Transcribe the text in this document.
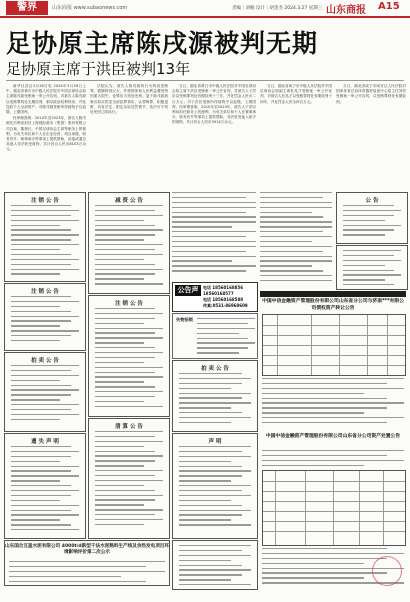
警界	山东商报 www.subaonews.com	责编｜刘楠 设计｜胡金杰 2024.3.27 星期三 山东商报 A15
足协原主席陈戌源被判无期
足协原主席于洪臣被判13年

新华社武汉3月26日电 2024年3月26日上午，湖北省黄石市中级人民法院对中国足球协会原主席陈戌源受贿案一审公开宣判，对被告人陈戌源以受贿罪判处无期徒刑，剥夺政治权利终身，并处没收个人全部财产；对陈戌源受贿所得财物予以追缴，上缴国库。

经审理查明：2010年至2023年，被告人陈戌源先后利用担任上海国际港务（集团）股份有限公司总裁、董事长，中国足球协会主席等职务上的便利，为有关单位和个人在企业经营、项目承揽、职务晋升、赛事承办等事项上提供帮助，直接或通过其他人非法收受财物，共计折合人民币8103万余元。

法院认为，被告人陈戌源的行为构成受贿罪，数额特别巨大，并使国家和人民利益遭受特别重大损失，论罪应当判处死刑。鉴于陈戌源到案后如实供述全部犯罪事实，认罪悔罪，积极退赃，具有法定、酌定从轻处罚情节，依法可不判处死刑立即执行。

当日，湖北省黄石市中级人民法院对中国足球协会原主席于洪臣受贿案一审公开宣判，对被告人于洪臣以受贿罪判处有期徒刑十三年，并处罚金人民币二百万元；对于洪臣受贿所得财物予以追缴，上缴国库。经审理查明，2010年至2023年，被告人于洪臣利用担任职务上的便利，为有关单位和个人在赛事承办、职务晋升等事项上提供帮助，非法收受他人给予的财物，共计折合人民币3014万余元。

当日，湖北省咸宁市中级人民法院对中国足球协会原副主席杜兆才受贿案一审公开宣判，对被告人杜兆才以受贿罪判处有期徒刑十四年，并处罚金人民币四百万元。

当日，湖北省咸宁市咸安区人民法院对国家体育总局体育器材装备中心原主任刘奕受贿案一审公开宣判，以受贿罪判处有期徒刑。

注 销 公 告
注 销 公 告
拍 卖 公 告
遗 失 声 明
减 资 公 告
注 销 公 告
清 算 公 告
公告声明
电话 18560168856
18560168577
电话 18560168588
传真:0531-86960609
失物招领
拍 卖 公 告
声 明
公 告
中国中信金融资产管理股份有限公司山东省分公司与济南***有限公司债权资产转让公告
中国中信金融资产管理股份有限公司山东省分公司资产处置公告
山东国合互盈水泥有限公司 4000t/d新型干法水泥熟料生产线及余热发电项目环境影响评价第二次公示
